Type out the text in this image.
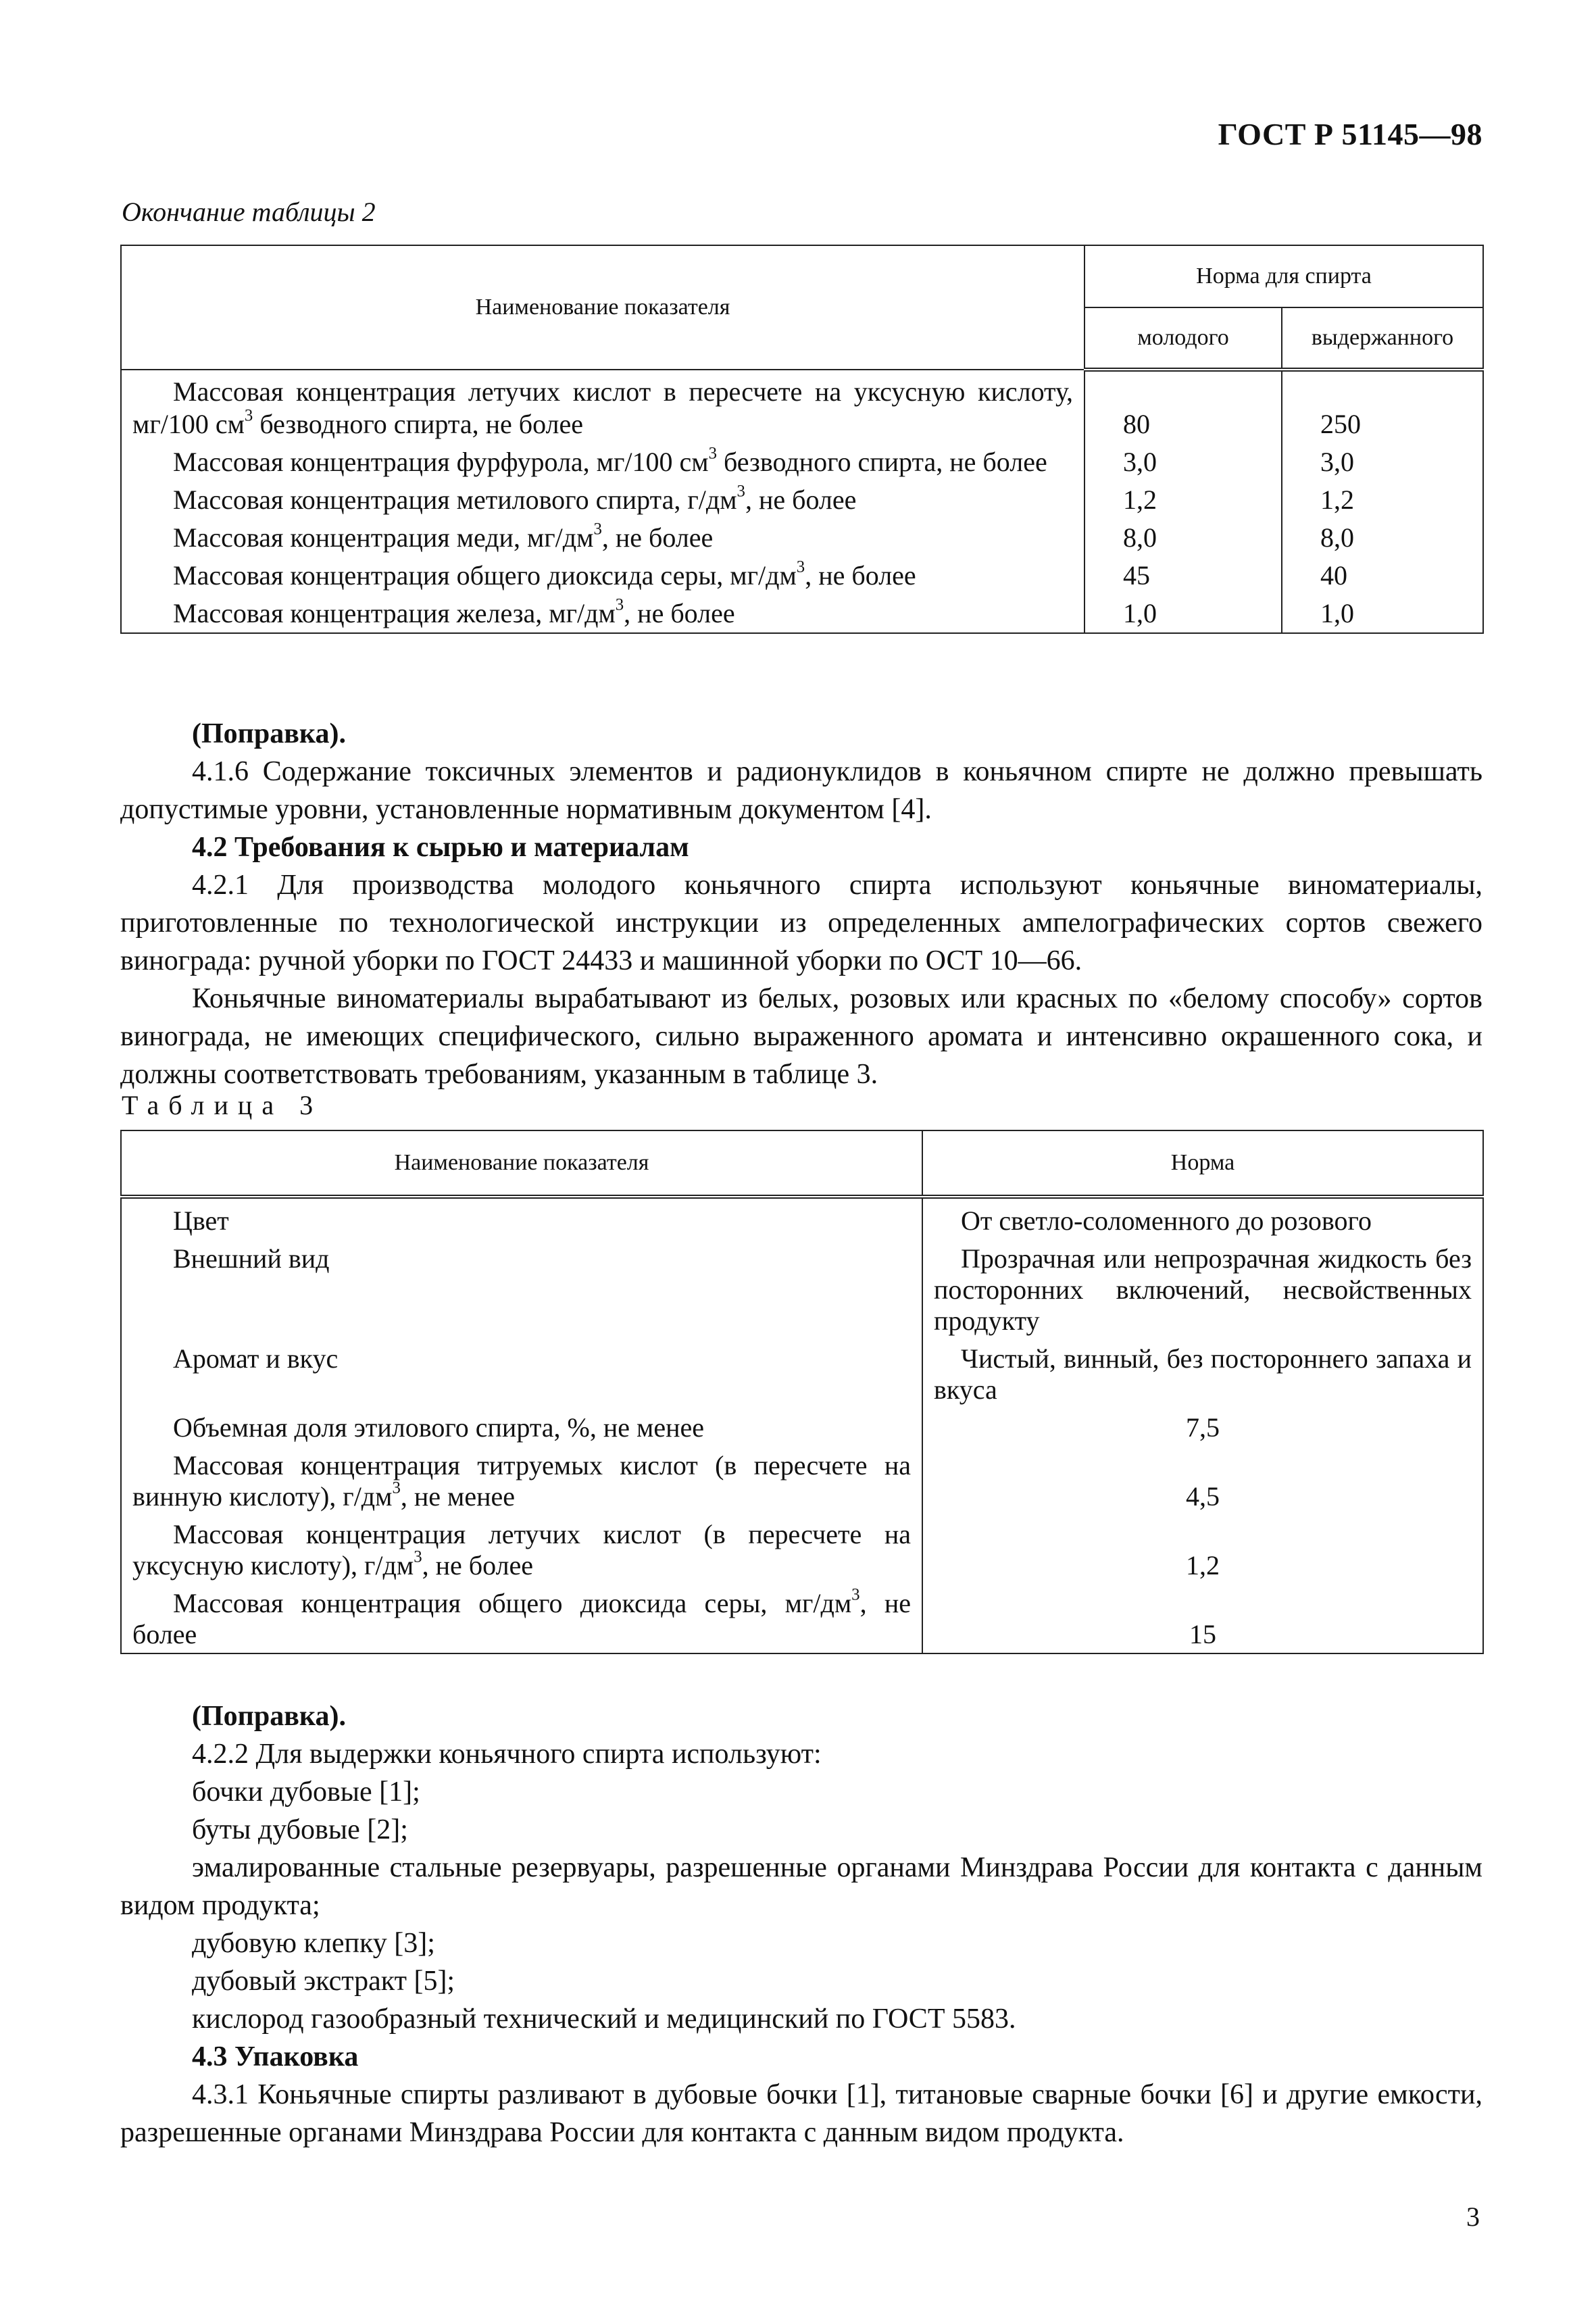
ГОСТ Р 51145—98
Окончание таблицы 2
Наименование показателя	Норма для спирта	
	молодого	выдержанного
Массовая концентрация летучих кислот в пересчете на уксусную кислоту, мг/100 $см^3$ безводного спирта, не более	80	250
Массовая концентрация фурфурола, мг/100 $см^3$ безводного спирта, не более	3,0	3,0
Массовая концентрация метилового спирта, $г/дм^3$, не более	1,2	1,2
Массовая концентрация меди, $мг/дм^3$, не более	8,0	8,0
Массовая концентрация общего диоксида серы, $мг/дм^3$, не более	45	40
Массовая концентрация железа, $мг/дм^3$, не более	1,0	1,0

(Поправка).

4.1.6 Содержание токсичных элементов и радионуклидов в коньячном спирте не должно превышать допустимые уровни, установленные нормативным документом [4].

4.2 Требования к сырью и материалам

4.2.1 Для производства молодого коньячного спирта используют коньячные виноматериалы, приготовленные по технологической инструкции из определенных ампелографических сортов свежего винограда: ручной уборки по ГОСТ 24433 и машинной уборки по ОСТ 10—66.

Коньячные виноматериалы вырабатывают из белых, розовых или красных по «белому способу» сортов винограда, не имеющих специфического, сильно выраженного аромата и интенсивно окрашенного сока, и должны соответствовать требованиям, указанным в таблице 3.

Таблица 3
Наименование показателя	Норма
Цвет	От светло-соломенного до розового
Внешний вид	Прозрачная или непрозрачная жидкость без посторонних включений, несвойственных продукту
Аромат и вкус	Чистый, винный, без постороннего запаха и вкуса
Объемная доля этилового спирта, %, не менее	7,5
Массовая концентрация титруемых кислот (в пересчете на винную кислоту), $г/дм^3$, не менее	4,5
Массовая концентрация летучих кислот (в пересчете на уксусную кислоту), $г/дм^3$, не более	1,2
Массовая концентрация общего диоксида серы, $мг/дм^3$, не более	15

(Поправка).

4.2.2 Для выдержки коньячного спирта используют:

бочки дубовые [1];

буты дубовые [2];

эмалированные стальные резервуары, разрешенные органами Минздрава России для контакта с данным видом продукта;

дубовую клепку [3];

дубовый экстракт [5];

кислород газообразный технический и медицинский по ГОСТ 5583.

4.3 Упаковка

4.3.1 Коньячные спирты разливают в дубовые бочки [1], титановые сварные бочки [6] и другие емкости, разрешенные органами Минздрава России для контакта с данным видом продукта.

3
